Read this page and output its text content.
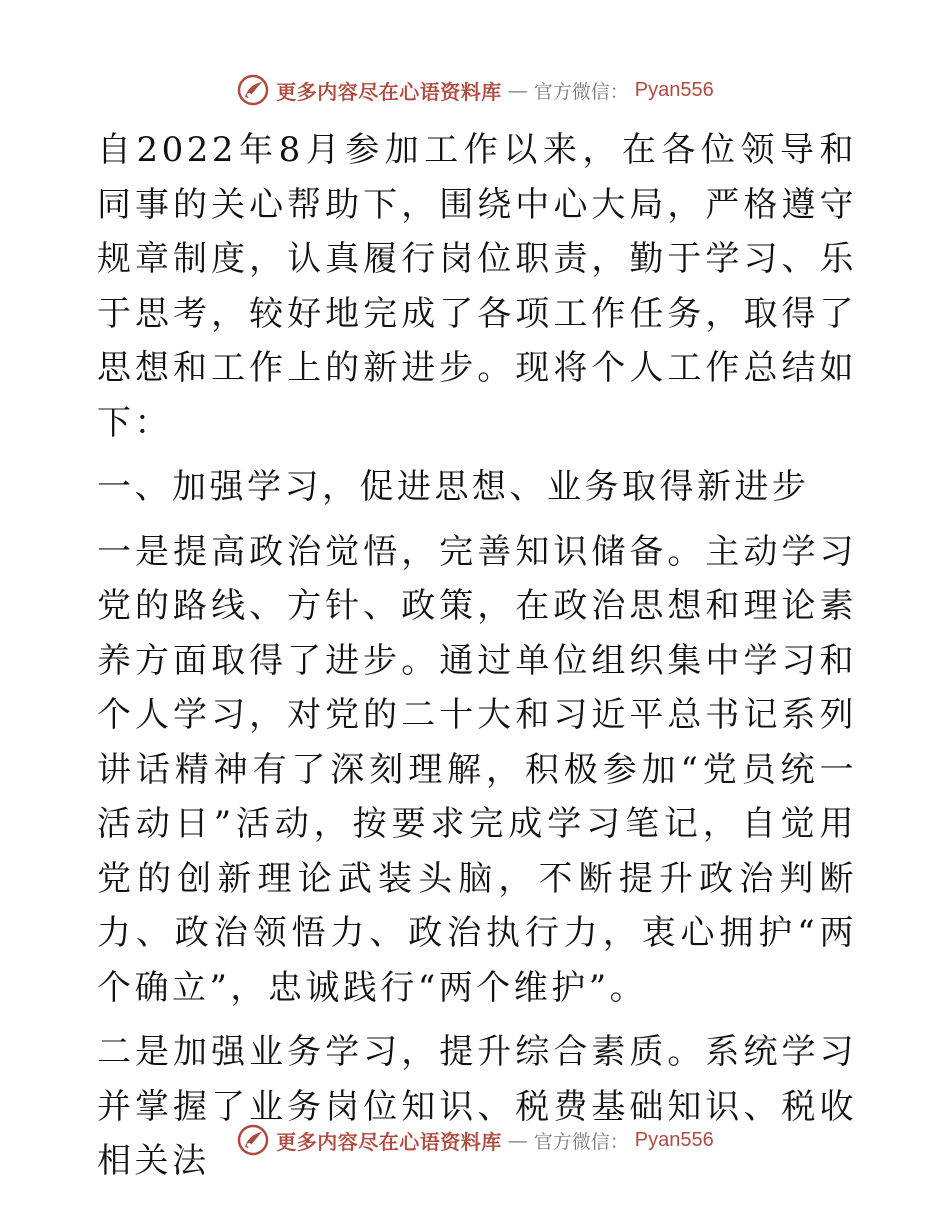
更多内容尽在心语资料库 — 官方微信： Pyan556

自2022年8月参加工作以来，在各位领导和同事的关心帮助下，围绕中心大局，严格遵守规章制度，认真履行岗位职责，勤于学习、乐于思考，较好地完成了各项工作任务，取得了思想和工作上的新进步。现将个人工作总结如下：

一、加强学习，促进思想、业务取得新进步

一是提高政治觉悟，完善知识储备。主动学习党的路线、方针、政策，在政治思想和理论素养方面取得了进步。通过单位组织集中学习和个人学习，对党的二十大和习近平总书记系列讲话精神有了深刻理解，积极参加“党员统一活动日”活动，按要求完成学习笔记，自觉用党的创新理论武装头脑，不断提升政治判断力、政治领悟力、政治执行力，衷心拥护“两个确立”，忠诚践行“两个维护”。

二是加强业务学习，提升综合素质。系统学习并掌握了业务岗位知识、税费基础知识、税收相关法	更多内容尽在心语资料库 — 官方微信： Pyan556
